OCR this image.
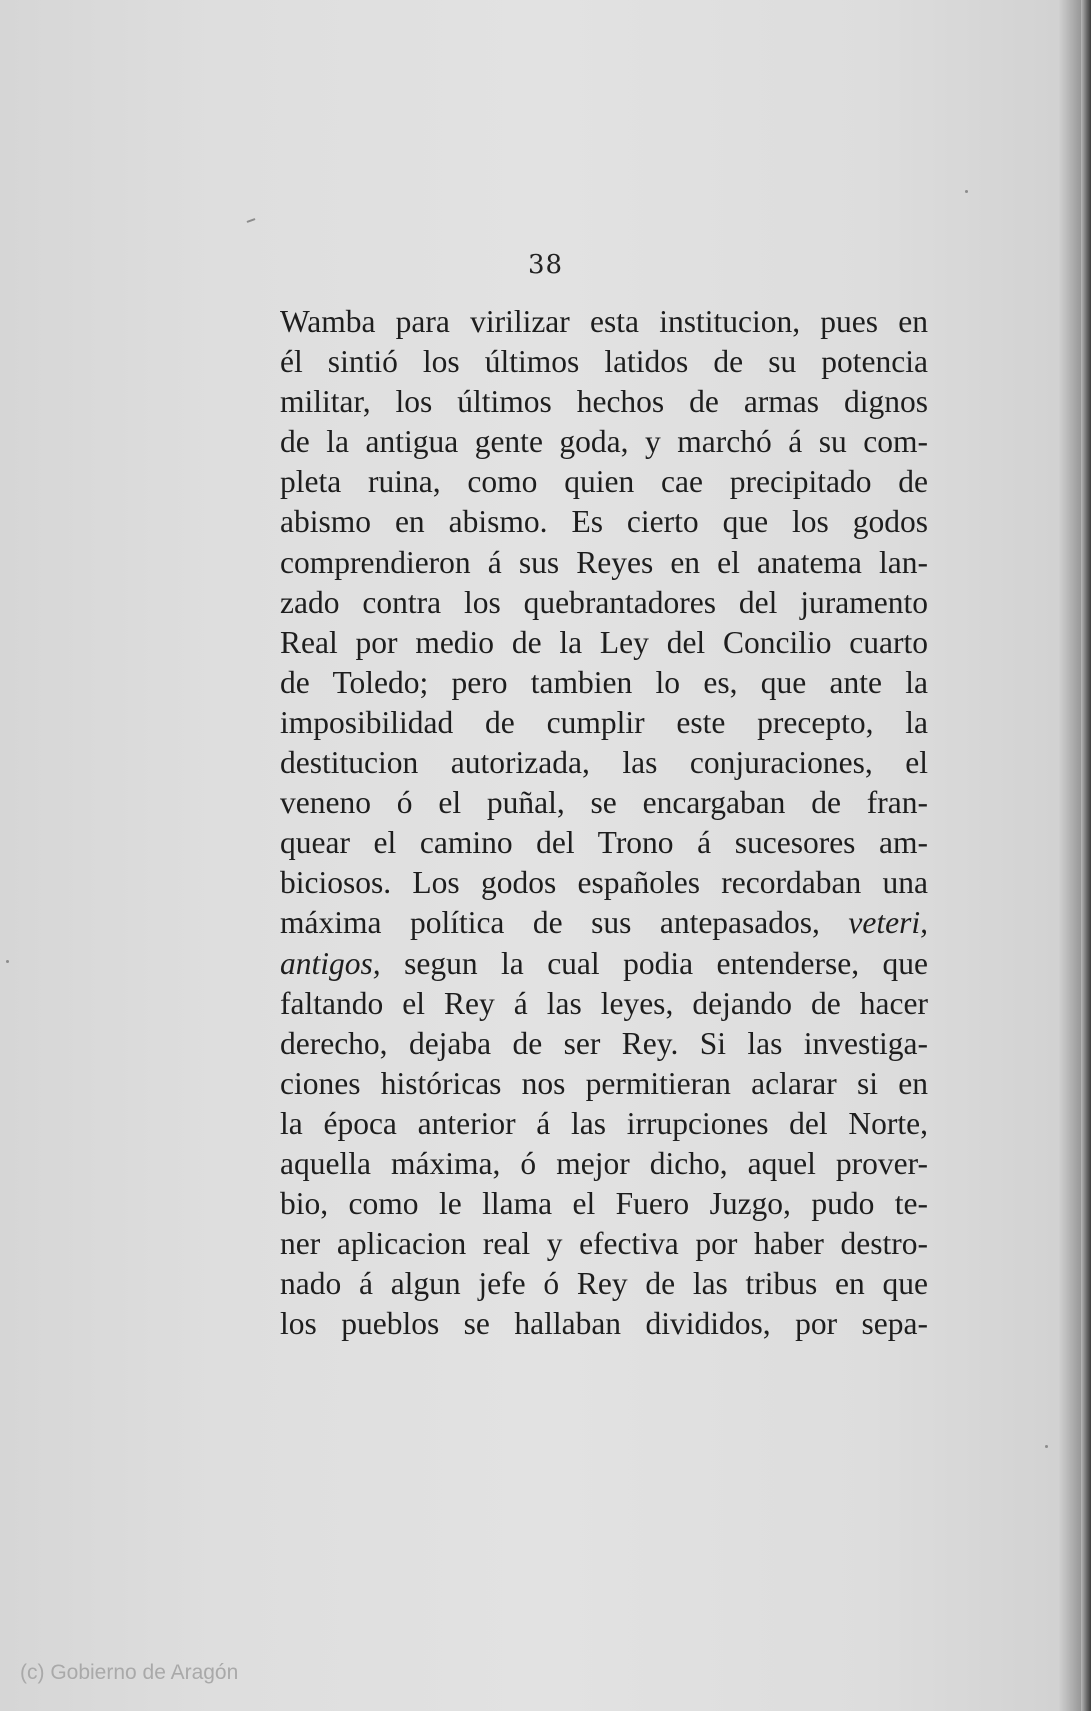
38
Wamba para virilizar esta institucion, pues en
él sintió los últimos latidos de su potencia
militar, los últimos hechos de armas dignos
de la antigua gente goda, y marchó á su com-
pleta ruina, como quien cae precipitado de
abismo en abismo. Es cierto que los godos
comprendieron á sus Reyes en el anatema lan-
zado contra los quebrantadores del juramento
Real por medio de la Ley del Concilio cuarto
de Toledo; pero tambien lo es, que ante la
imposibilidad de cumplir este precepto, la
destitucion autorizada, las conjuraciones, el
veneno ó el puñal, se encargaban de fran-
quear el camino del Trono á sucesores am-
biciosos. Los godos españoles recordaban una
máxima política de sus antepasados, veteri,
antigos, segun la cual podia entenderse, que
faltando el Rey á las leyes, dejando de hacer
derecho, dejaba de ser Rey. Si las investiga-
ciones históricas nos permitieran aclarar si en
la época anterior á las irrupciones del Norte,
aquella máxima, ó mejor dicho, aquel prover-
bio, como le llama el Fuero Juzgo, pudo te-
ner aplicacion real y efectiva por haber destro-
nado á algun jefe ó Rey de las tribus en que
los pueblos se hallaban divididos, por sepa-
(c) Gobierno de Aragón
